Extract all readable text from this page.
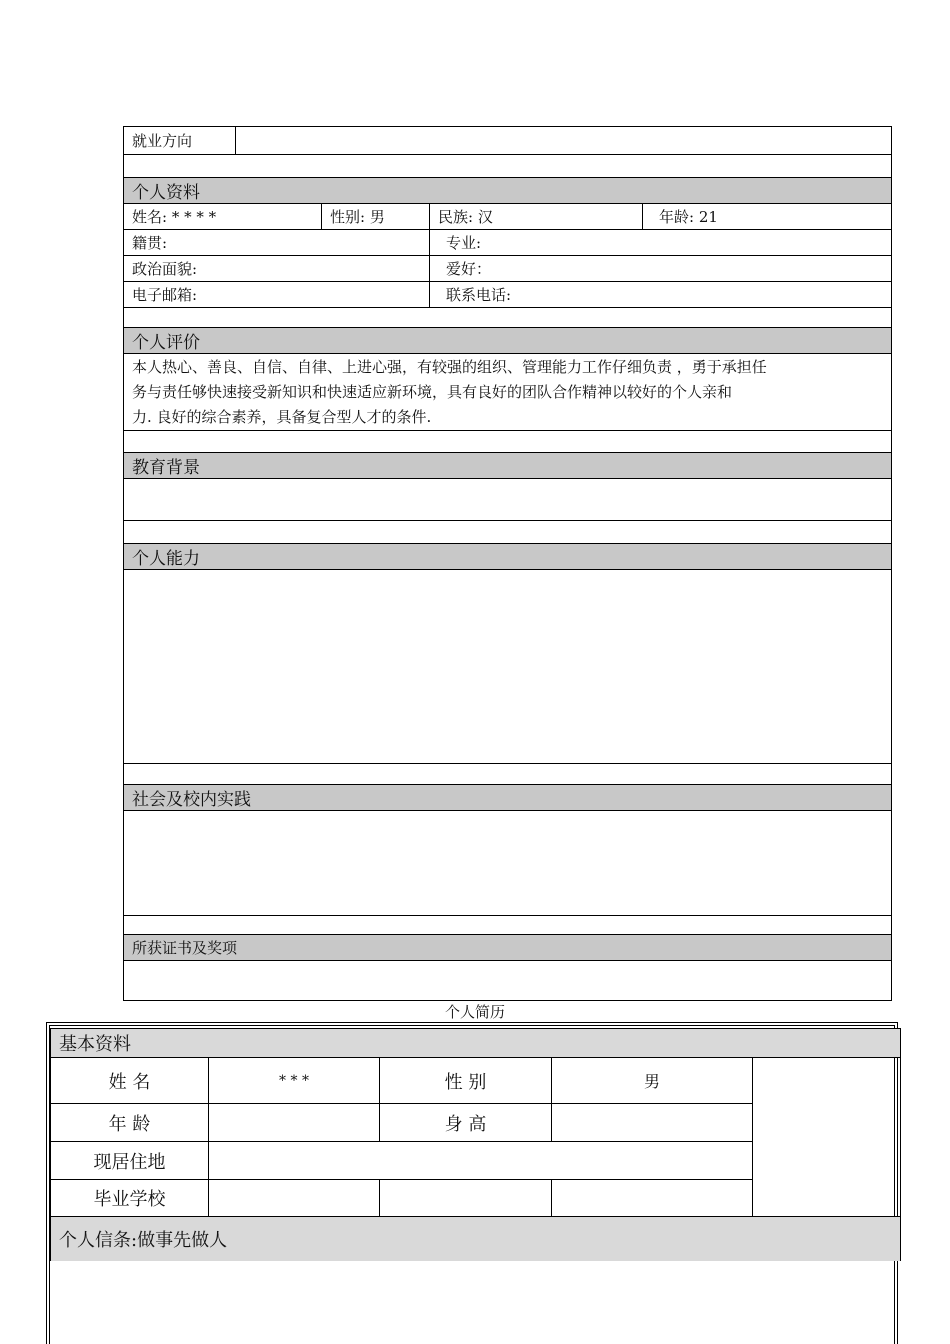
就业方向				

个人资料				
姓名: * * * *		性别: 男	民族: 汉	年龄: 21
籍贯:			专业:	
政治面貌:			爱好：	
电子邮箱:			联系电话:	

个人评价				

本人热心、善良、自信、自律、上进心强，有较强的组织、管理能力工作仔细负责 ，勇于承担任
务与责任够快速接受新知识和快速适应新环境，具有良好的团队合作精神以较好的个人亲和
力. 良好的综合素养，具备复合型人才的条件.				

教育背景				

个人能力				

社会及校内实践				

所获证书及奖项				

个人简历
基本资料				
姓 名	* * *	性 别	男	
年 龄		身 高		
现居住地				
毕业学校				
个人信条:做事先做人				
